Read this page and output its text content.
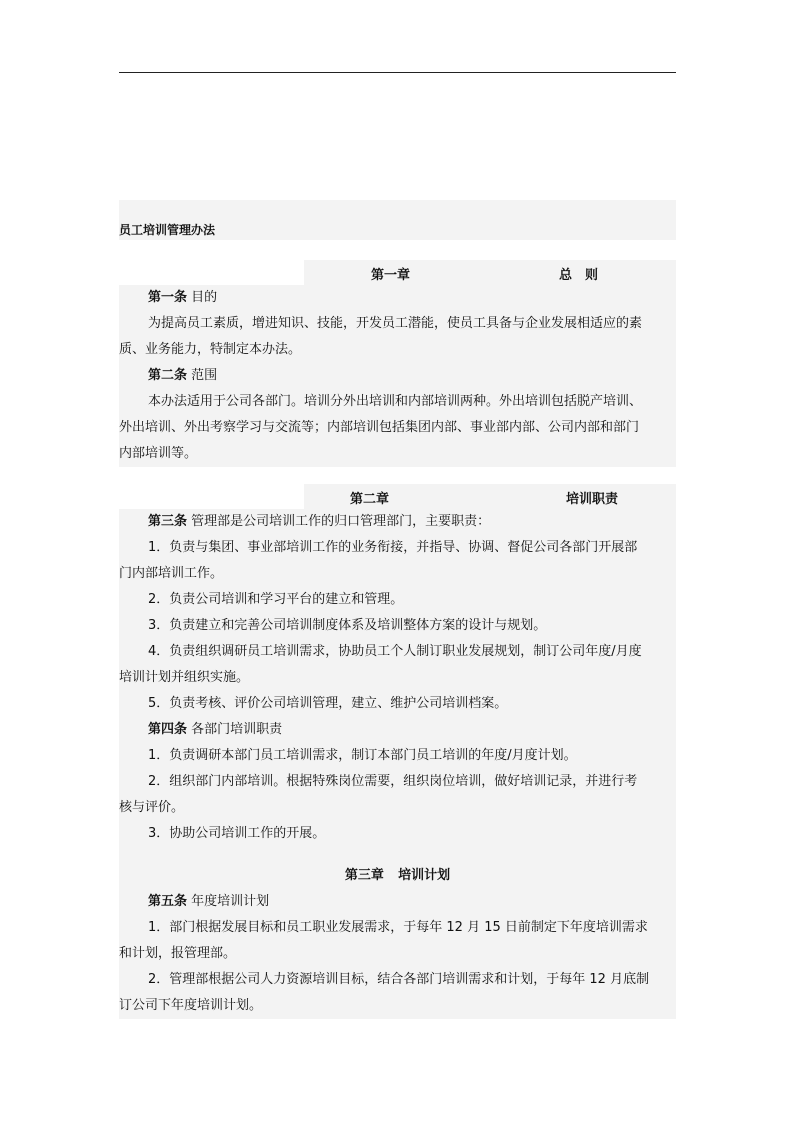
员工培训管理办法
第一章	总　则
第一条 目的
为提高员工素质，增进知识、技能，开发员工潜能，使员工具备与企业发展相适应的素
质、业务能力，特制定本办法。
第二条 范围
本办法适用于公司各部门。培训分外出培训和内部培训两种。外出培训包括脱产培训、
外出培训、外出考察学习与交流等；内部培训包括集团内部、事业部内部、公司内部和部门
内部培训等。
第二章	培训职责
第三条 管理部是公司培训工作的归口管理部门，主要职责：
1．负责与集团、事业部培训工作的业务衔接，并指导、协调、督促公司各部门开展部
门内部培训工作。
2．负责公司培训和学习平台的建立和管理。
3．负责建立和完善公司培训制度体系及培训整体方案的设计与规划。
4．负责组织调研员工培训需求，协助员工个人制订职业发展规划，制订公司年度/月度
培训计划并组织实施。
5．负责考核、评价公司培训管理，建立、维护公司培训档案。
第四条 各部门培训职责
1．负责调研本部门员工培训需求，制订本部门员工培训的年度/月度计划。
2．组织部门内部培训。根据特殊岗位需要，组织岗位培训，做好培训记录，并进行考
核与评价。
3．协助公司培训工作的开展。
第三章 培训计划
第五条 年度培训计划
1．部门根据发展目标和员工职业发展需求，于每年 12 月 15 日前制定下年度培训需求
和计划，报管理部。
2．管理部根据公司人力资源培训目标，结合各部门培训需求和计划，于每年 12 月底制
订公司下年度培训计划。
